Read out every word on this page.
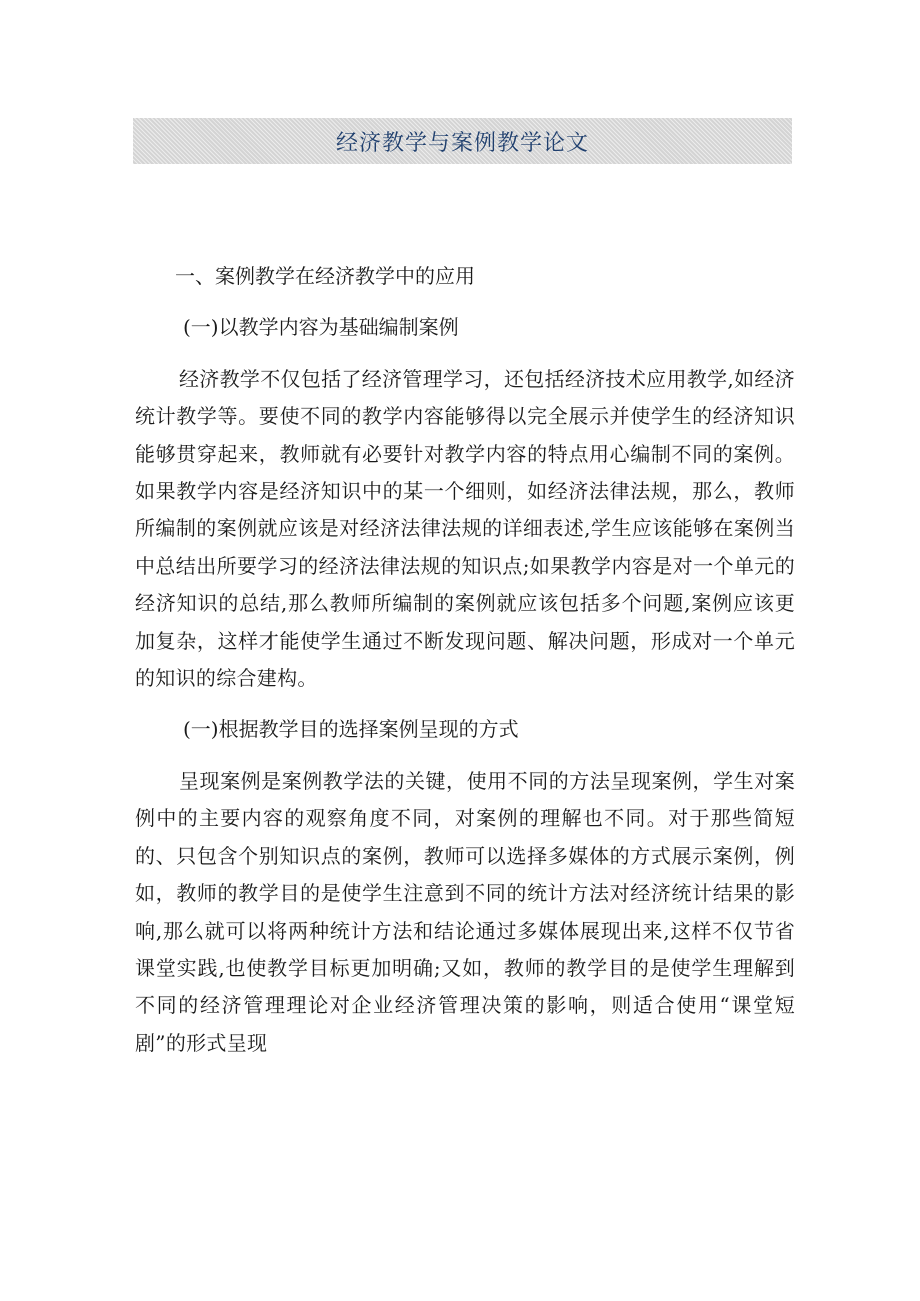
经济教学与案例教学论文

一、案例教学在经济教学中的应用

(一)以教学内容为基础编制案例

经济教学不仅包括了经济管理学习，还包括经济技术应用教学,如经济统计教学等。要使不同的教学内容能够得以完全展示并使学生的经济知识能够贯穿起来，教师就有必要针对教学内容的特点用心编制不同的案例。如果教学内容是经济知识中的某一个细则，如经济法律法规，那么，教师所编制的案例就应该是对经济法律法规的详细表述,学生应该能够在案例当中总结出所要学习的经济法律法规的知识点;如果教学内容是对一个单元的经济知识的总结,那么教师所编制的案例就应该包括多个问题,案例应该更加复杂，这样才能使学生通过不断发现问题、解决问题，形成对一个单元的知识的综合建构。

(一)根据教学目的选择案例呈现的方式

呈现案例是案例教学法的关键，使用不同的方法呈现案例，学生对案例中的主要内容的观察角度不同，对案例的理解也不同。对于那些简短的、只包含个别知识点的案例，教师可以选择多媒体的方式展示案例，例如，教师的教学目的是使学生注意到不同的统计方法对经济统计结果的影响,那么就可以将两种统计方法和结论通过多媒体展现出来,这样不仅节省课堂实践,也使教学目标更加明确;又如，教师的教学目的是使学生理解到不同的经济管理理论对企业经济管理决策的影响，则适合使用“课堂短剧”的形式呈现
